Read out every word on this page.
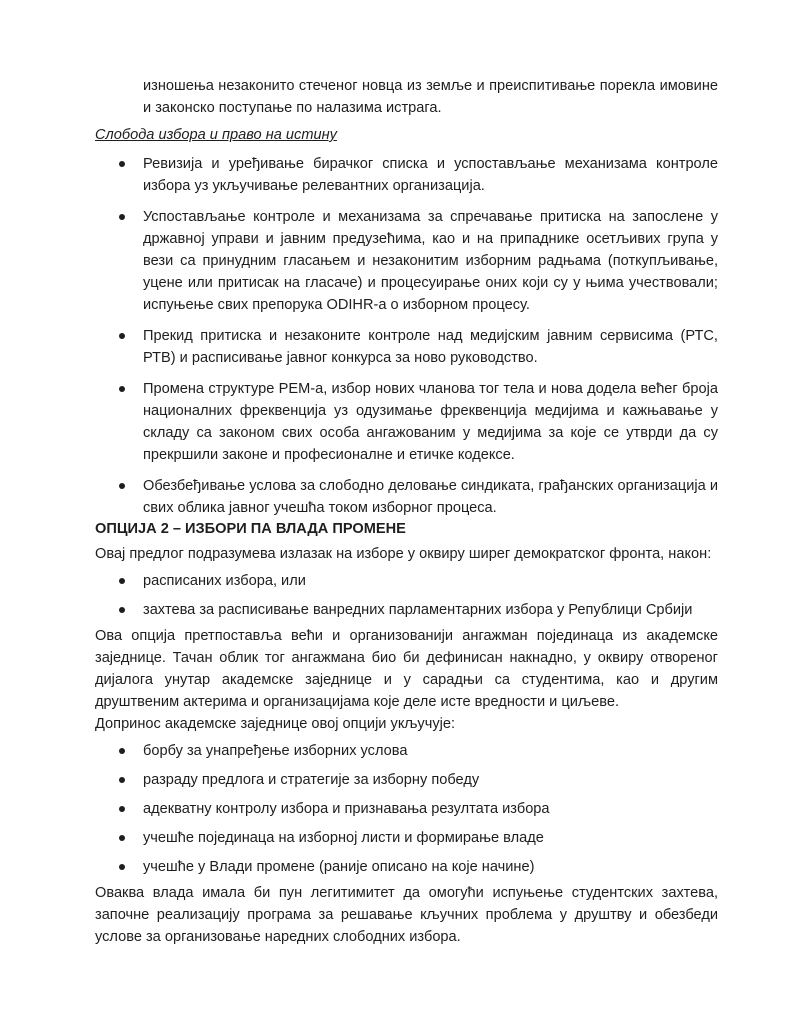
изношења незаконито стеченог новца из земље и преиспитивање порекла имовине и законско поступање по налазима истрага.

Слобода избора и право на истину
Ревизија и уређивање бирачког списка и успостављање механизама контроле избора уз укључивање релевантних организација.
Успостављање контроле и механизама за спречавање притиска на запослене у државној управи и јавним предузећима, као и на припаднике осетљивих група у вези са принудним гласањем и незаконитим изборним радњама (поткупљивање, уцене или притисак на гласаче) и процесуирање оних који су у њима учествовали; испуњење свих препорука ODIHR-а о изборном процесу.
Прекид притиска и незаконите контроле над медијским јавним сервисима (РТС, РТВ) и расписивање јавног конкурса за ново руководство.
Промена структуре РЕМ-а, избор нових чланова тог тела и нова додела већег броја националних фреквенција уз одузимање фреквенција медијима и кажњавање у складу са законом свих особа ангажованим у медијима за које се утврди да су прекршили законе и професионалне и етичке кодексе.
Обезбеђивање услова за слободно деловање синдиката, грађанских организација и свих облика јавног учешћа током изборног процеса.
ОПЦИЈА 2 – ИЗБОРИ ПА ВЛАДА ПРОМЕНЕ

Овај предлог подразумева излазак на изборе у оквиру ширег демократског фронта, након:

расписаних избора, или
захтева за расписивање ванредних парламентарних избора у Републици Србији

Ова опција претпоставља већи и организованији ангажман појединаца из академске заједнице. Тачан облик тог ангажмана био би дефинисан накнадно, у оквиру отвореног дијалога унутар академске заједнице и у сарадњи са студентима, као и другим друштвеним актерима и организацијама које деле исте вредности и циљеве.

Допринос академске заједнице овој опцији укључује:

борбу за унапређење изборних услова
разраду предлога и стратегије за изборну победу
адекватну контролу избора и признавања резултата избора
учешће појединаца на изборној листи и формирање владе
учешће у Влади промене (раније описано на које начине)

Оваква влада имала би пун легитимитет да омогући испуњење студентских захтева, започне реализацију програма за решавање кључних проблема у друштву и обезбеди услове за организовање наредних слободних избора.
